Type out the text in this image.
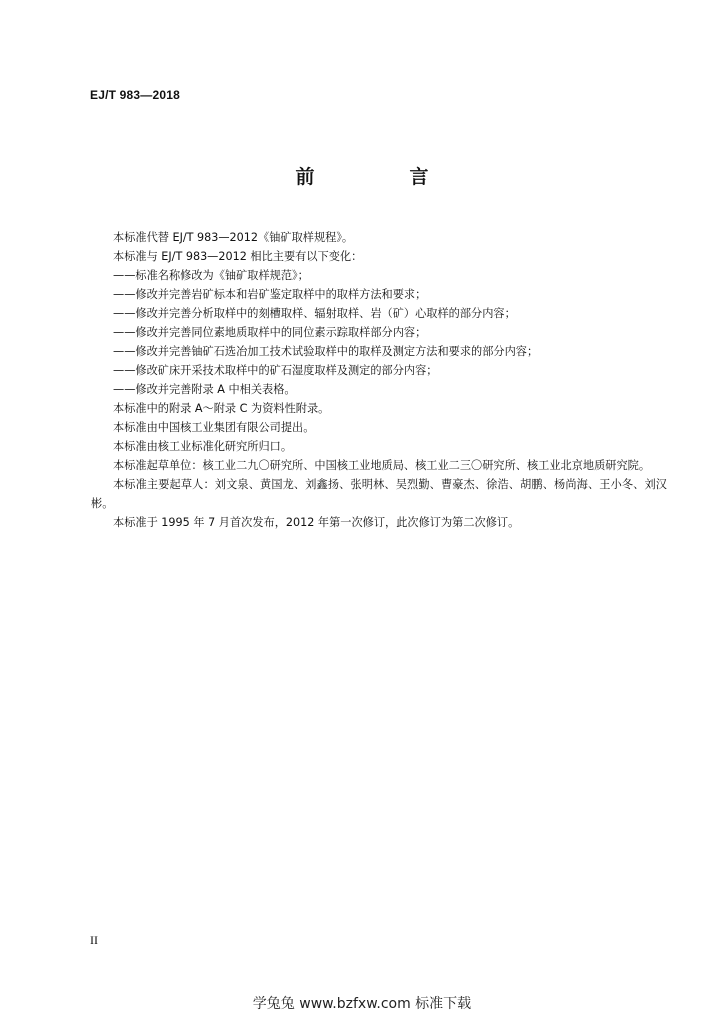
EJ/T 983—2018
前　言

本标准代替 EJ/T 983—2012《铀矿取样规程》。

本标准与 EJ/T 983—2012 相比主要有以下变化：

——标准名称修改为《铀矿取样规范》；

——修改并完善岩矿标本和岩矿鉴定取样中的取样方法和要求；

——修改并完善分析取样中的刻槽取样、辐射取样、岩（矿）心取样的部分内容；

——修改并完善同位素地质取样中的同位素示踪取样部分内容；

——修改并完善铀矿石选冶加工技术试验取样中的取样及测定方法和要求的部分内容；

——修改矿床开采技术取样中的矿石湿度取样及测定的部分内容；

——修改并完善附录 A 中相关表格。

本标准中的附录 A～附录 C 为资料性附录。

本标准由中国核工业集团有限公司提出。

本标准由核工业标准化研究所归口。

本标准起草单位：核工业二九〇研究所、中国核工业地质局、核工业二三〇研究所、核工业北京地质研究院。

本标准主要起草人：刘文泉、黄国龙、刘鑫扬、张明林、吴烈勤、曹豪杰、徐浩、胡鹏、杨尚海、王小冬、刘汉彬。

本标准于 1995 年 7 月首次发布，2012 年第一次修订，此次修订为第二次修订。

II
学兔兔 www.bzfxw.com 标准下载
